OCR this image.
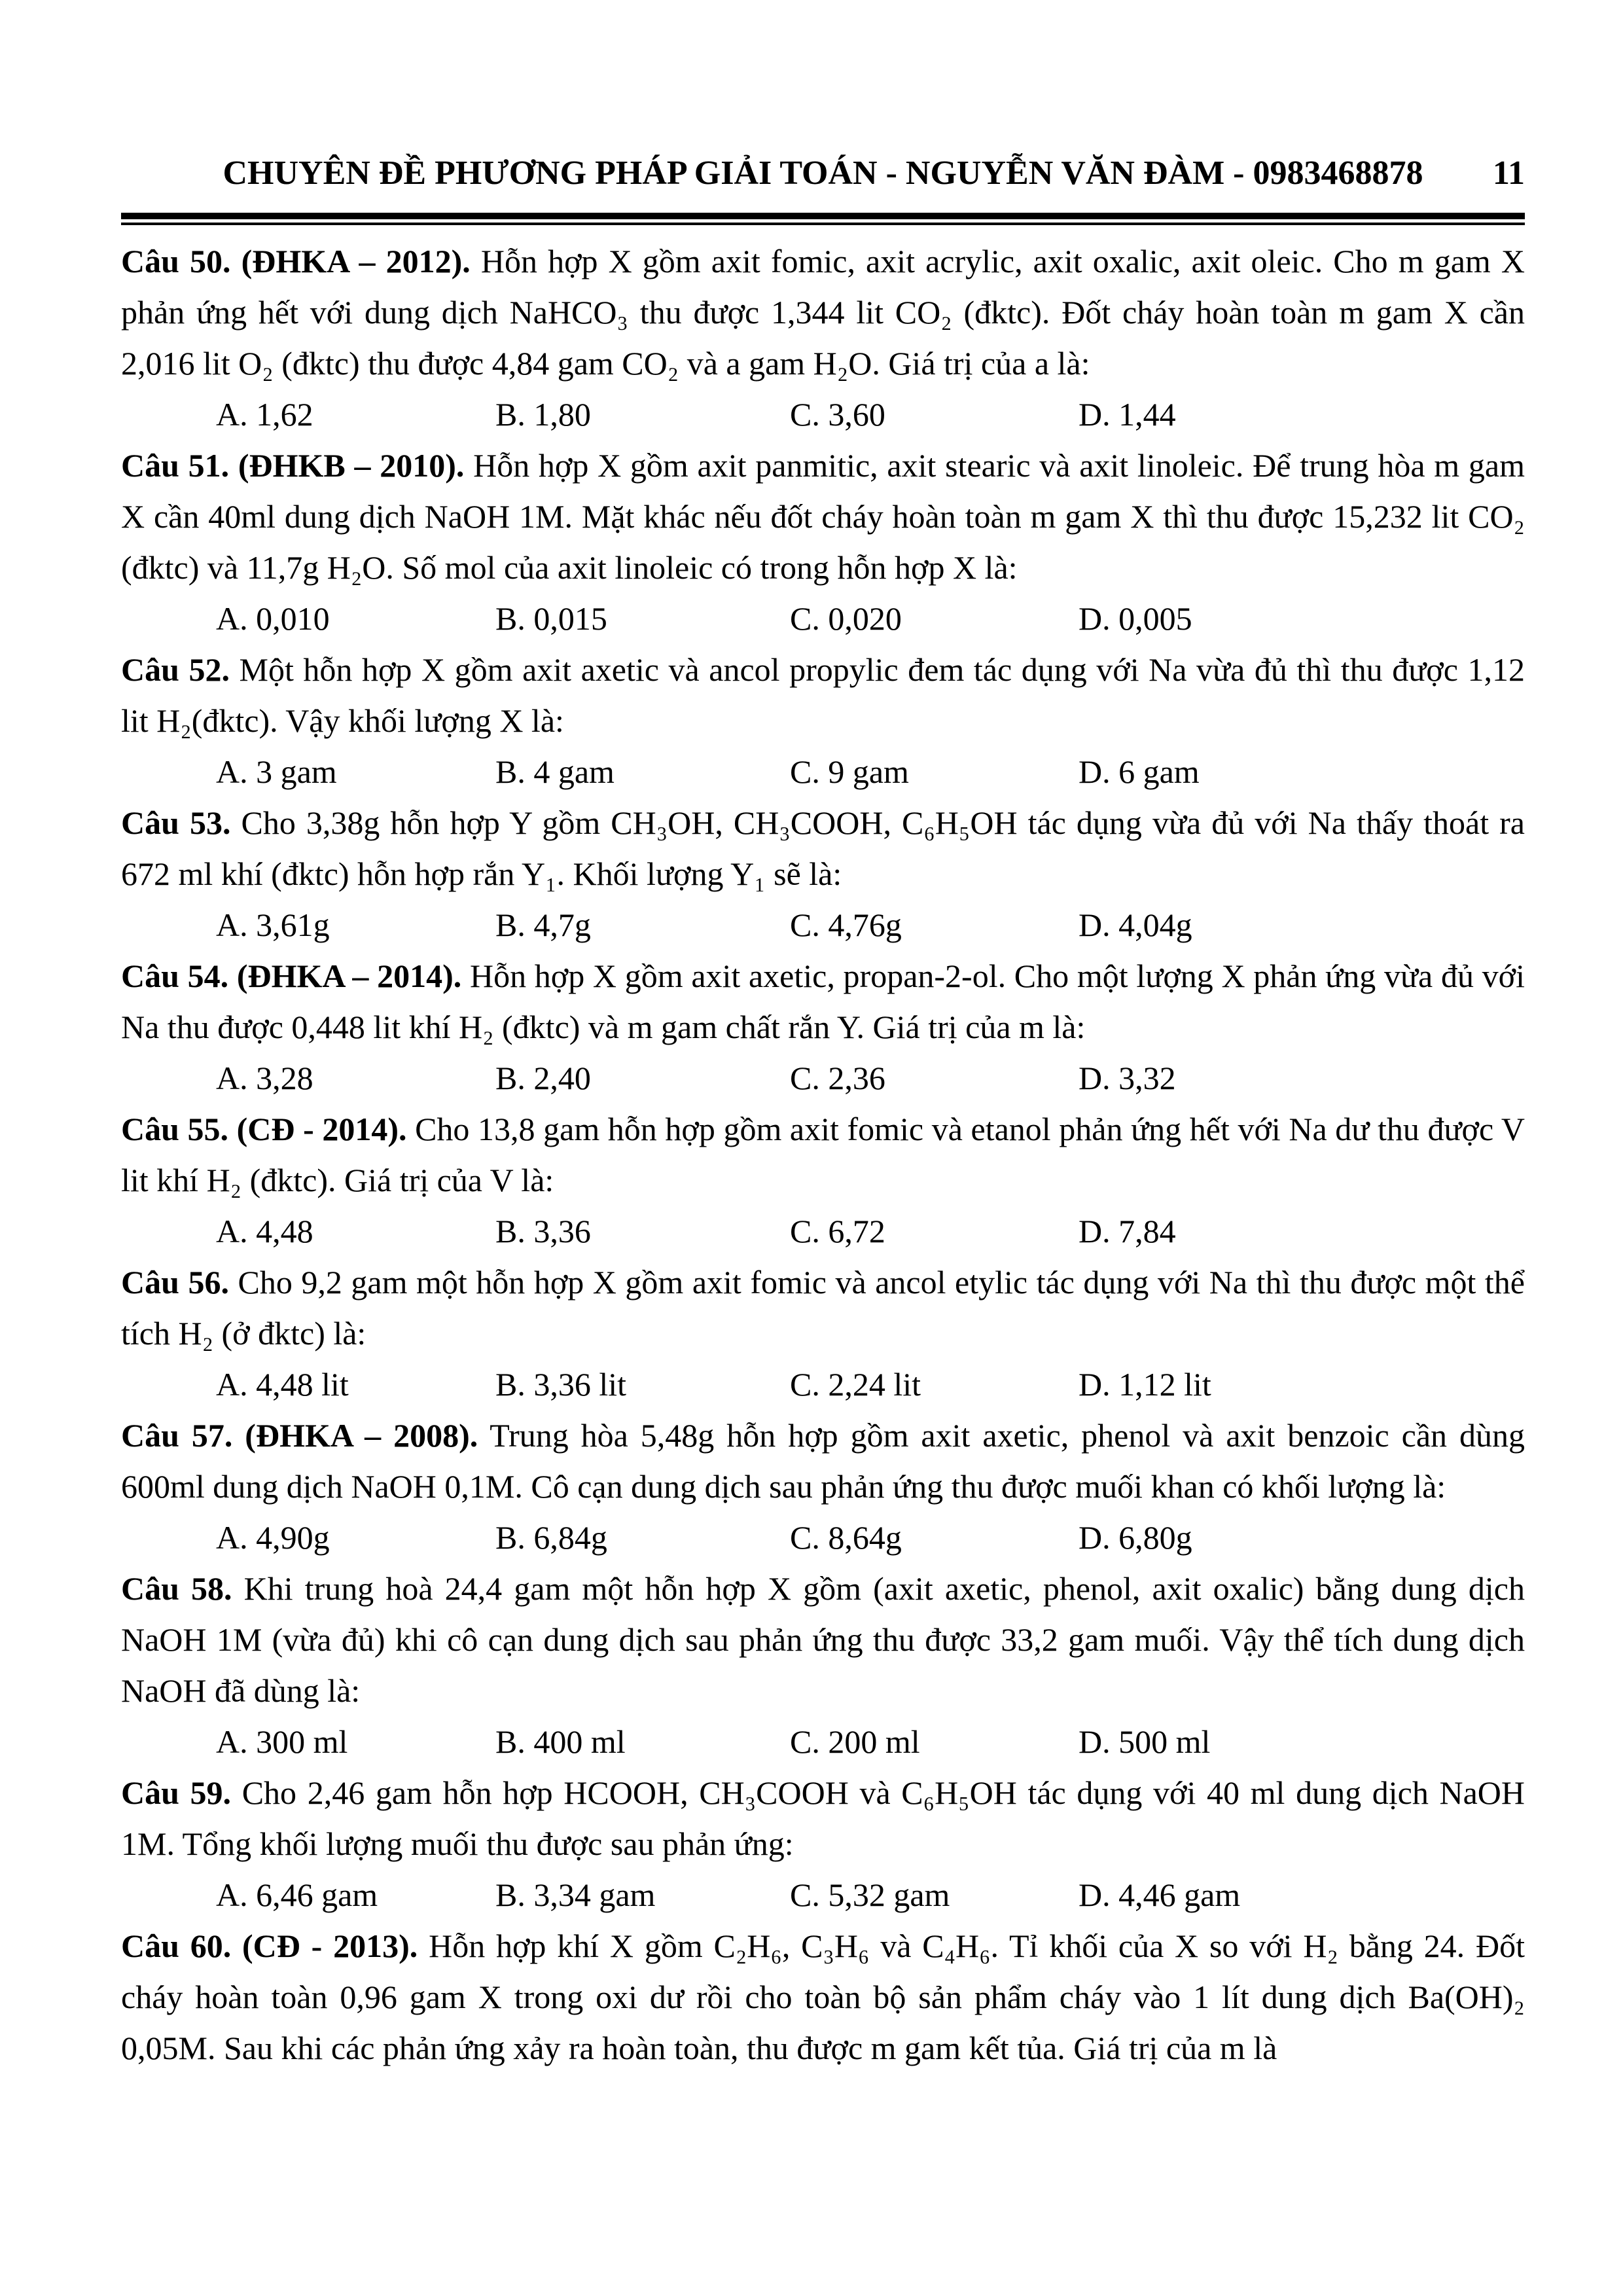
CHUYÊN ĐỀ PHƯƠNG PHÁP GIẢI TOÁN - NGUYỄN VĂN ĐÀM - 0983468878 11

Câu 50. (ĐHKA – 2012). Hỗn hợp X gồm axit fomic, axit acrylic, axit oxalic, axit oleic. Cho m gam X phản ứng hết với dung dịch NaHCO₃ thu được 1,344 lit CO₂ (đktc). Đốt cháy hoàn toàn m gam X cần 2,016 lit O₂ (đktc) thu được 4,84 gam CO₂ và a gam H₂O. Giá trị của a là:

A. 1,62	B. 1,80	C. 3,60	D. 1,44

Câu 51. (ĐHKB – 2010). Hỗn hợp X gồm axit panmitic, axit stearic và axit linoleic. Để trung hòa m gam X cần 40ml dung dịch NaOH 1M. Mặt khác nếu đốt cháy hoàn toàn m gam X thì thu được 15,232 lit CO₂ (đktc) và 11,7g H₂O. Số mol của axit linoleic có trong hỗn hợp X là:

A. 0,010	B. 0,015	C. 0,020	D. 0,005

Câu 52. Một hỗn hợp X gồm axit axetic và ancol propylic đem tác dụng với Na vừa đủ thì thu được 1,12 lit H₂(đktc). Vậy khối lượng X là:

A. 3 gam	B. 4 gam	C. 9 gam	D. 6 gam

Câu 53. Cho 3,38g hỗn hợp Y gồm CH₃OH, CH₃COOH, C₆H₅OH tác dụng vừa đủ với Na thấy thoát ra 672 ml khí (đktc) hỗn hợp rắn Y₁. Khối lượng Y₁ sẽ là:

A. 3,61g	B. 4,7g	C. 4,76g	D. 4,04g

Câu 54. (ĐHKA – 2014). Hỗn hợp X gồm axit axetic, propan-2-ol. Cho một lượng X phản ứng vừa đủ với Na thu được 0,448 lit khí H₂ (đktc) và m gam chất rắn Y. Giá trị của m là:

A. 3,28	B. 2,40	C. 2,36	D. 3,32

Câu 55. (CĐ - 2014). Cho 13,8 gam hỗn hợp gồm axit fomic và etanol phản ứng hết với Na dư thu được V lit khí H₂ (đktc). Giá trị của V là:

A. 4,48	B. 3,36	C. 6,72	D. 7,84

Câu 56. Cho 9,2 gam một hỗn hợp X gồm axit fomic và ancol etylic tác dụng với Na thì thu được một thể tích H₂ (ở đktc) là:

A. 4,48 lit	B. 3,36 lit	C. 2,24 lit	D. 1,12 lit

Câu 57. (ĐHKA – 2008). Trung hòa 5,48g hỗn hợp gồm axit axetic, phenol và axit benzoic cần dùng 600ml dung dịch NaOH 0,1M. Cô cạn dung dịch sau phản ứng thu được muối khan có khối lượng là:

A. 4,90g	B. 6,84g	C. 8,64g	D. 6,80g

Câu 58. Khi trung hoà 24,4 gam một hỗn hợp X gồm (axit axetic, phenol, axit oxalic) bằng dung dịch NaOH 1M (vừa đủ) khi cô cạn dung dịch sau phản ứng thu được 33,2 gam muối. Vậy thể tích dung dịch NaOH đã dùng là:

A. 300 ml	B. 400 ml	C. 200 ml	D. 500 ml

Câu 59. Cho 2,46 gam hỗn hợp HCOOH, CH₃COOH và C₆H₅OH tác dụng với 40 ml dung dịch NaOH 1M. Tổng khối lượng muối thu được sau phản ứng:

A. 6,46 gam	B. 3,34 gam	C. 5,32 gam	D. 4,46 gam

Câu 60. (CĐ - 2013). Hỗn hợp khí X gồm C₂H₆, C₃H₆ và C₄H₆. Tỉ khối của X so với H₂ bằng 24. Đốt cháy hoàn toàn 0,96 gam X trong oxi dư rồi cho toàn bộ sản phẩm cháy vào 1 lít dung dịch Ba(OH)₂ 0,05M. Sau khi các phản ứng xảy ra hoàn toàn, thu được m gam kết tủa. Giá trị của m là
